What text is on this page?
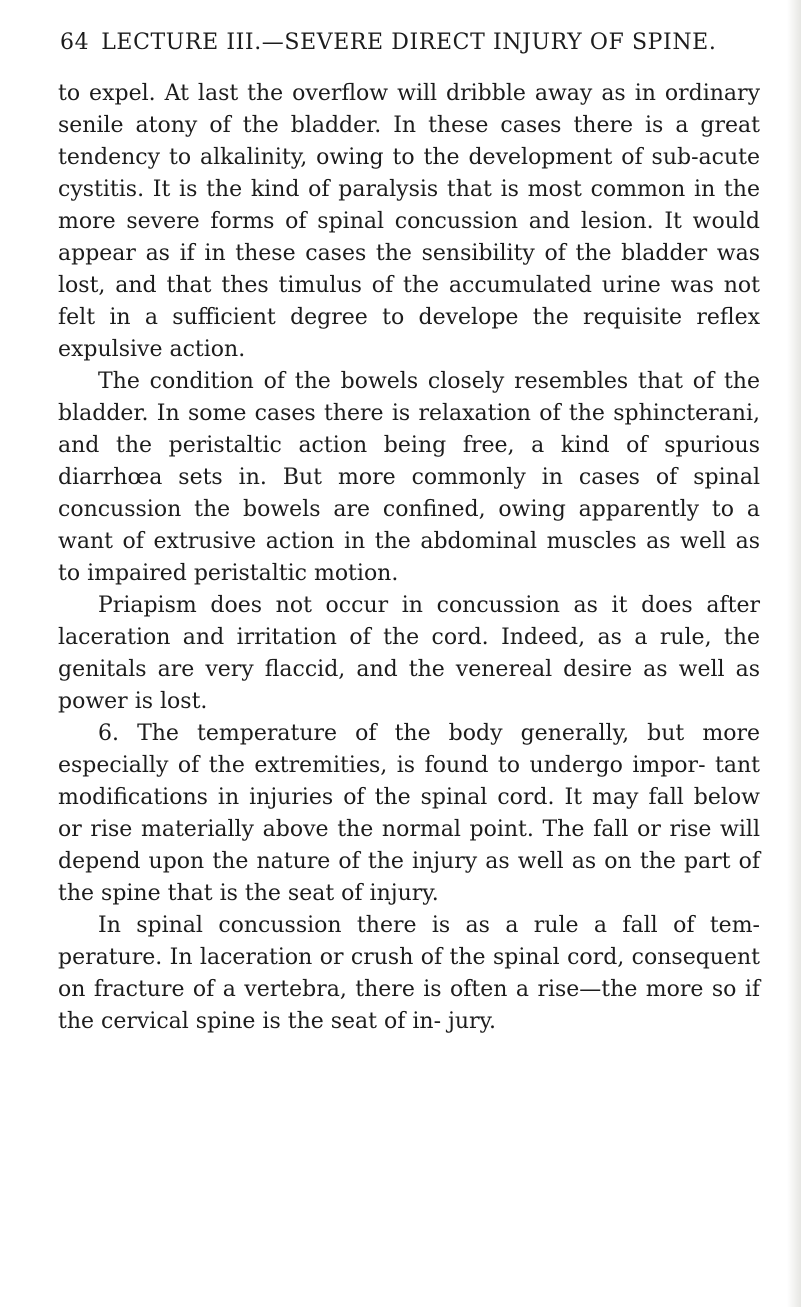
64 LECTURE III.—SEVERE DIRECT INJURY OF SPINE.

to expel. At last the overflow will dribble away as in ordinary senile atony of the bladder. In these cases there is a great tendency to alkalinity, owing to the development of sub-acute cystitis. It is the kind of paralysis that is most common in the more severe forms of spinal concussion and lesion. It would appear as if in these cases the sensibility of the bladder was lost, and that thes timulus of the accumulated urine was not felt in a sufficient degree to develope the requisite reflex expulsive action.

The condition of the bowels closely resembles that of the bladder. In some cases there is relaxation of the sphincterani, and the peristaltic action being free, a kind of spurious diarrhœa sets in. But more commonly in cases of spinal concussion the bowels are confined, owing apparently to a want of extrusive action in the abdominal muscles as well as to impaired peristaltic motion.

Priapism does not occur in concussion as it does after laceration and irritation of the cord. Indeed, as a rule, the genitals are very flaccid, and the venereal desire as well as power is lost.

6. The temperature of the body generally, but more especially of the extremities, is found to undergo impor- tant modifications in injuries of the spinal cord. It may fall below or rise materially above the normal point. The fall or rise will depend upon the nature of the injury as well as on the part of the spine that is the seat of injury.

In spinal concussion there is as a rule a fall of tem- perature. In laceration or crush of the spinal cord, consequent on fracture of a vertebra, there is often a rise—the more so if the cervical spine is the seat of in- jury.
